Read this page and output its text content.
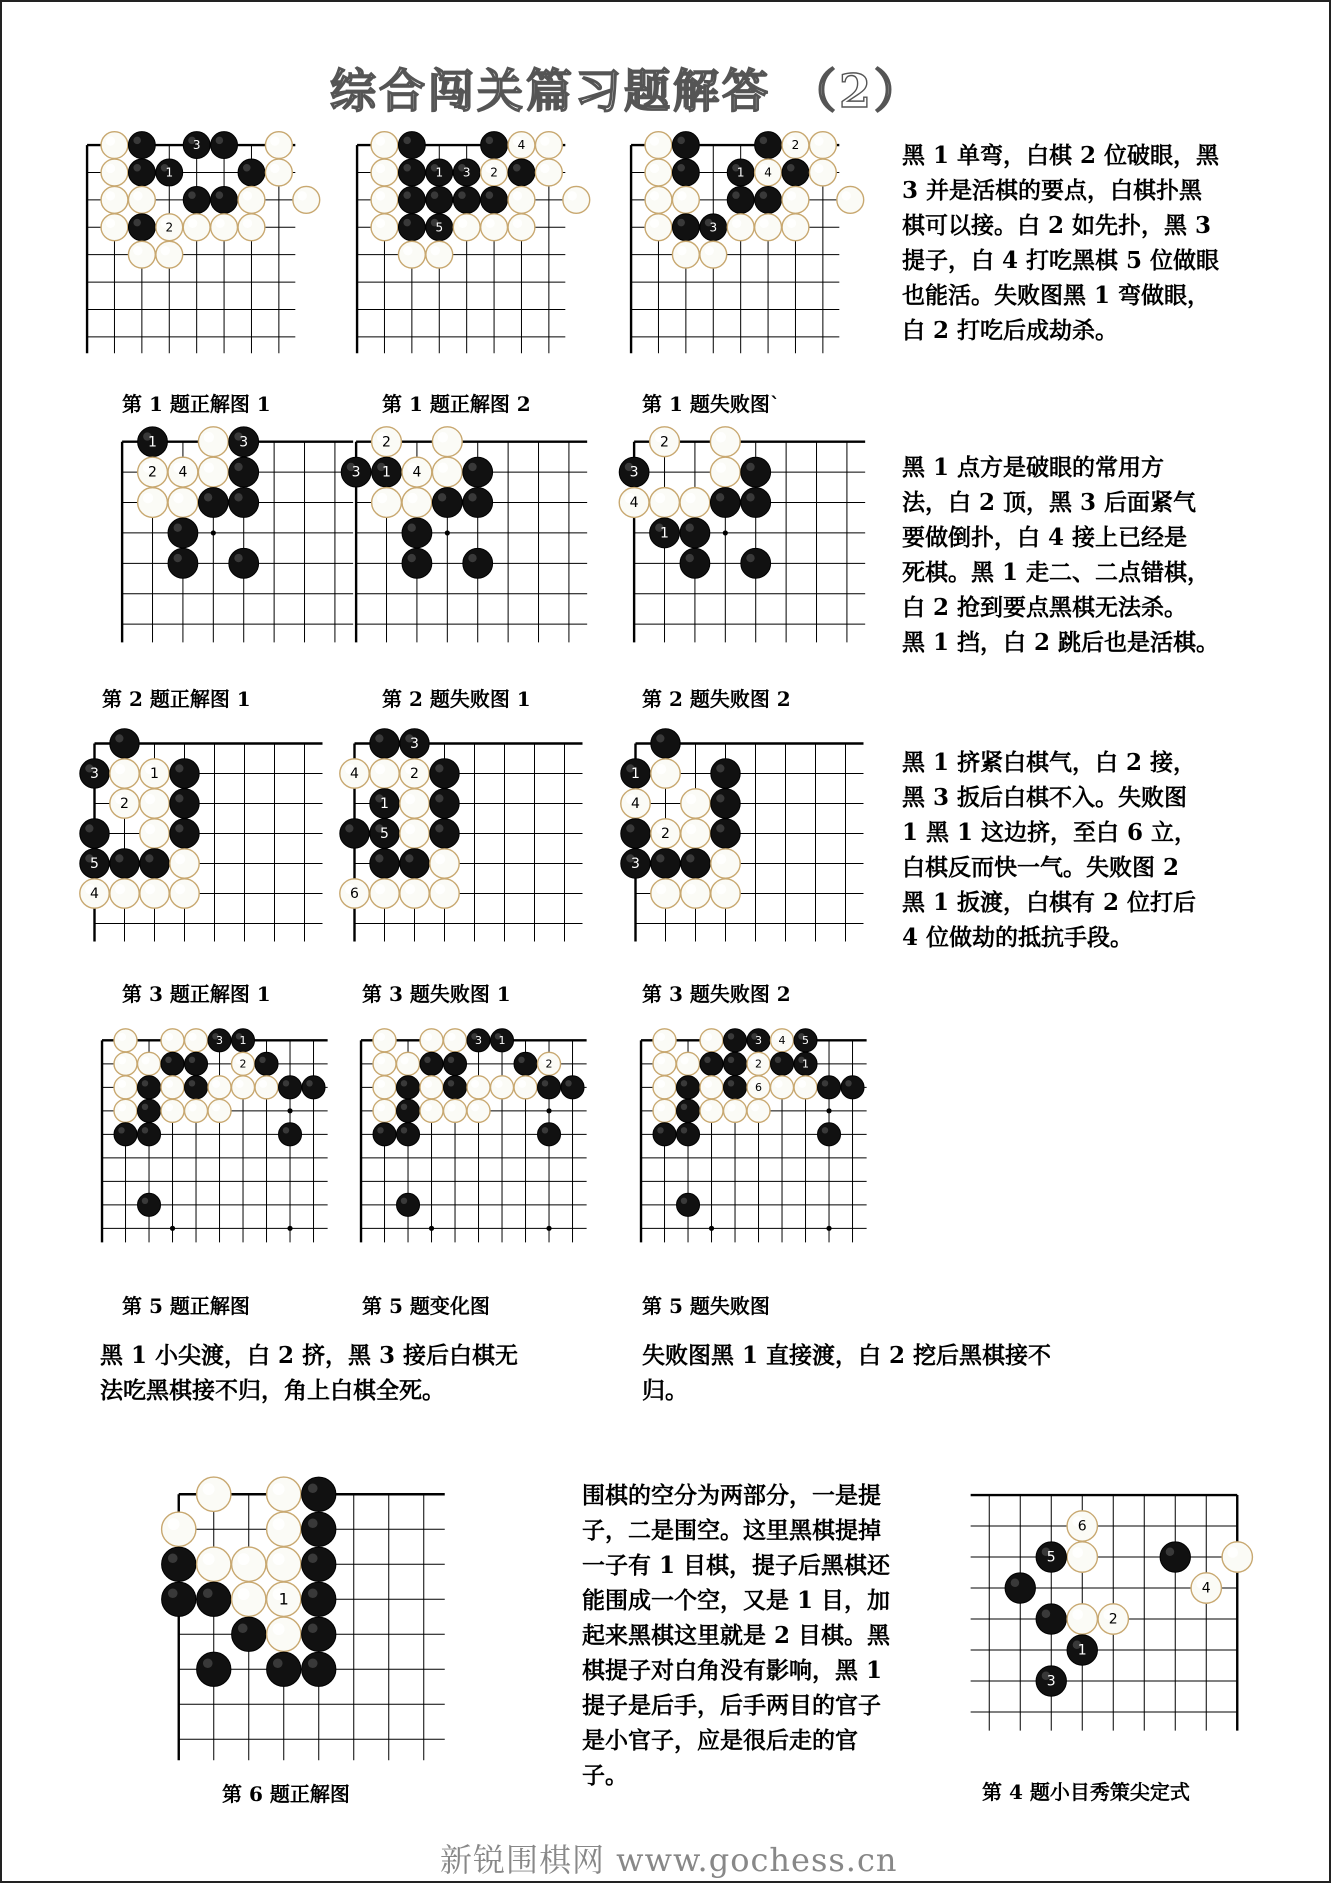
综合闯关篇习题解答 （2）
3
1
2
4
1 3 2
5
2
1 4
3
第 1 题正解图 1	第 1 题正解图 2	第 1 题失败图`
黑 1 单弯，白棋 2 位破眼，黑
3 并是活棋的要点，白棋扑黑
棋可以接。白 2 如先扑，黑 3
提子，白 4 打吃黑棋 5 位做眼
也能活。失败图黑 1 弯做眼，
白 2 打吃后成劫杀。
1	3
2 4
2
3 1 4
2
3
4
1
第 2 题正解图 1	第 2 题失败图 1	第 2 题失败图 2
黑 1 点方是破眼的常用方
法，白 2 顶，黑 3 后面紧气
要做倒扑，白 4 接上已经是
死棋。黑 1 走二、二点错棋，
白 2 抢到要点黑棋无法杀。
黑 1 挡，白 2 跳后也是活棋。
3	1
2
5
4
3
4	2
1
5
6
1
4
2
3
第 3 题正解图 1	第 3 题失败图 1	第 3 题失败图 2
黑 1 挤紧白棋气，白 2 接，
黑 3 扳后白棋不入。失败图
1 黑 1 这边挤，至白 6 立，
白棋反而快一气。失败图 2
黑 1 扳渡，白棋有 2 位打后
4 位做劫的抵抗手段。
3 1
2
3 1
2
3 4 5
2	1
6
第 5 题正解图	第 5 题变化图	第 5 题失败图
黑 1 小尖渡，白 2 挤，黑 3 接后白棋无
法吃黑棋接不归，角上白棋全死。
失败图黑 1 直接渡，白 2 挖后黑棋接不
归。
1
第 6 题正解图
围棋的空分为两部分，一是提
子，二是围空。这里黑棋提掉
一子有 1 目棋，提子后黑棋还
能围成一个空，又是 1 目，加
起来黑棋这里就是 2 目棋。黑
棋提子对白角没有影响，黑 1
提子是后手，后手两目的官子
是小官子，应是很后走的官
子。
6
5
4
2
1
3
第 4 题小目秀策尖定式
新锐围棋网 www.gochess.cn
